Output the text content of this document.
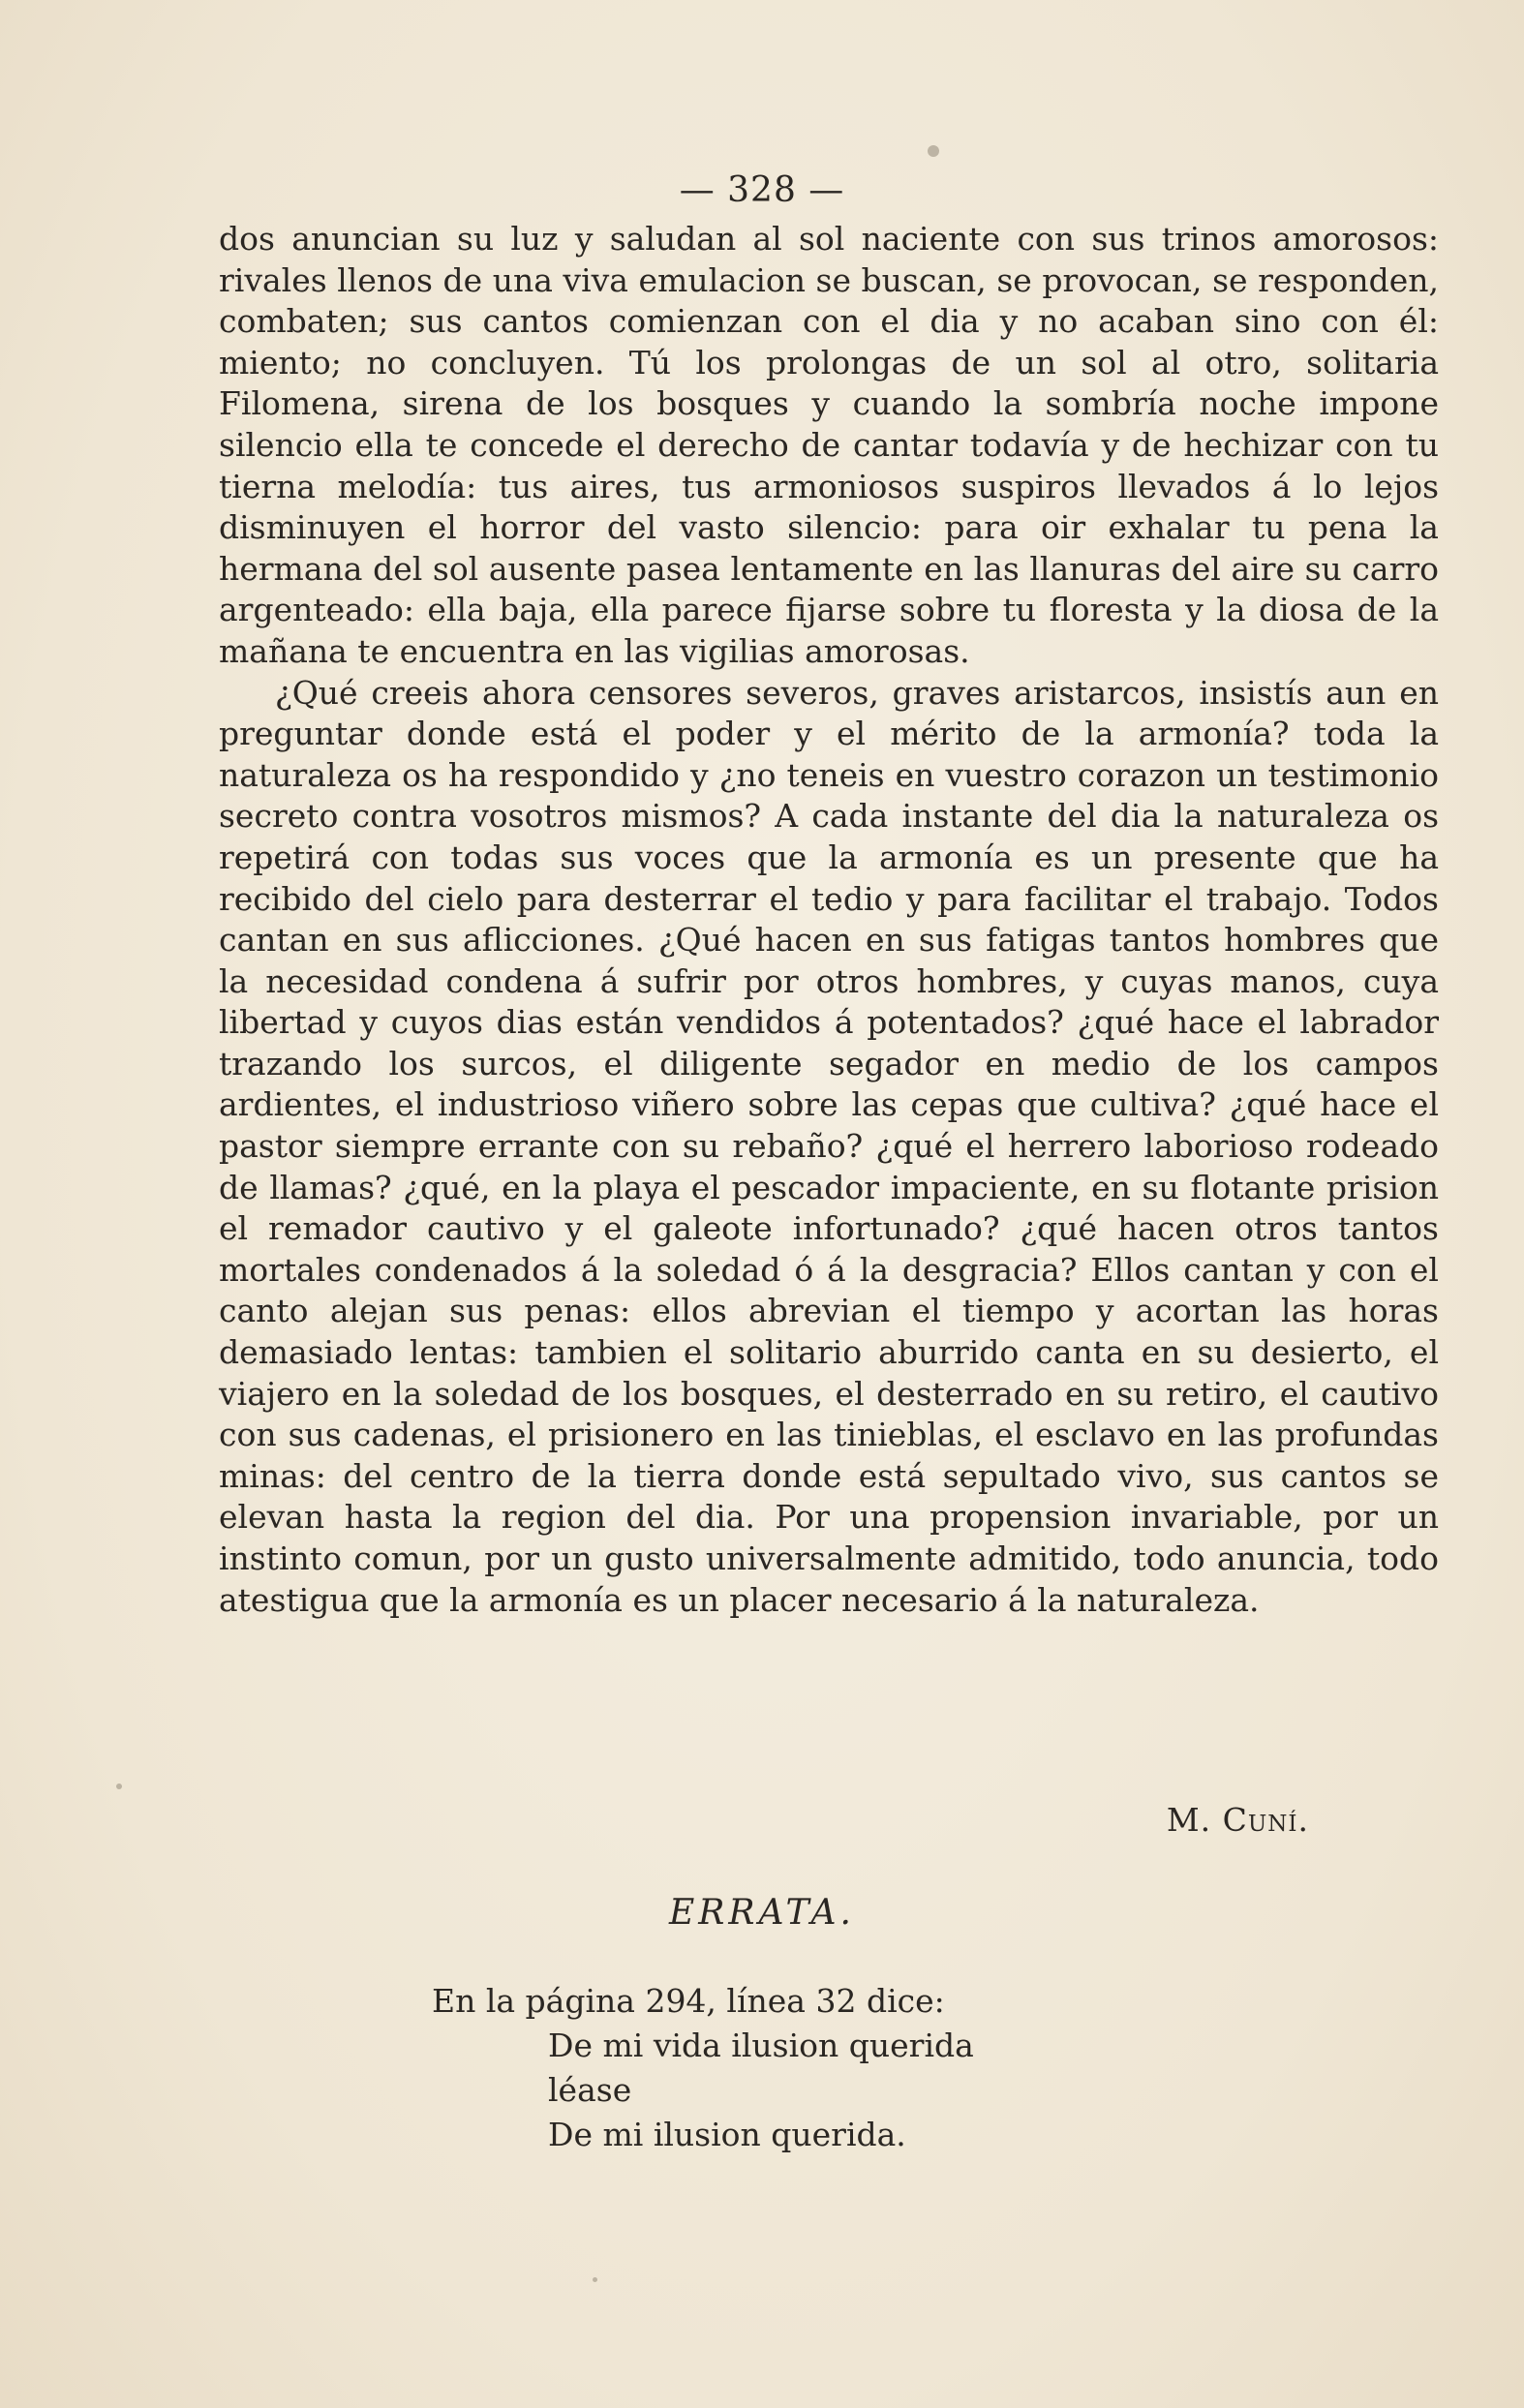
— 328 —

dos anuncian su luz y saludan al sol naciente con sus trinos amorosos: rivales llenos de una viva emulacion se buscan, se provocan, se responden, combaten; sus cantos comienzan con el dia y no acaban sino con él: miento; no concluyen. Tú los prolongas de un sol al otro, solitaria Filomena, sirena de los bosques y cuando la sombría noche impone silencio ella te concede el derecho de cantar todavía y de hechizar con tu tierna melodía: tus aires, tus armoniosos suspiros llevados á lo lejos disminuyen el horror del vasto silencio: para oir exhalar tu pena la hermana del sol ausente pasea lentamente en las llanuras del aire su carro argenteado: ella baja, ella parece fijarse sobre tu floresta y la diosa de la mañana te encuentra en las vigilias amorosas.

¿Qué creeis ahora censores severos, graves aristarcos, insistís aun en preguntar donde está el poder y el mérito de la armonía? toda la naturaleza os ha respondido y ¿no teneis en vuestro corazon un testimonio secreto contra vosotros mismos? A cada instante del dia la naturaleza os repetirá con todas sus voces que la armonía es un presente que ha recibido del cielo para desterrar el tedio y para facilitar el trabajo. Todos cantan en sus aflicciones. ¿Qué hacen en sus fatigas tantos hombres que la necesidad condena á sufrir por otros hombres, y cuyas manos, cuya libertad y cuyos dias están vendidos á potentados? ¿qué hace el labrador trazando los surcos, el diligente segador en medio de los campos ardientes, el industrioso viñero sobre las cepas que cultiva? ¿qué hace el pastor siempre errante con su rebaño? ¿qué el herrero laborioso rodeado de llamas? ¿qué, en la playa el pescador impaciente, en su flotante prision el remador cautivo y el galeote infortunado? ¿qué hacen otros tantos mortales condenados á la soledad ó á la desgracia? Ellos cantan y con el canto alejan sus penas: ellos abrevian el tiempo y acortan las horas demasiado lentas: tambien el solitario aburrido canta en su desierto, el viajero en la soledad de los bosques, el desterrado en su retiro, el cautivo con sus cadenas, el prisionero en las tinieblas, el esclavo en las profundas minas: del centro de la tierra donde está sepultado vivo, sus cantos se elevan hasta la region del dia. Por una propension invariable, por un instinto comun, por un gusto universalmente admitido, todo anuncia, todo atestigua que la armonía es un placer necesario á la naturaleza.

M. Cuní.
ERRATA.
En la página 294, línea 32 dice:
De mi vida ilusion querida
léase
De mi ilusion querida.
